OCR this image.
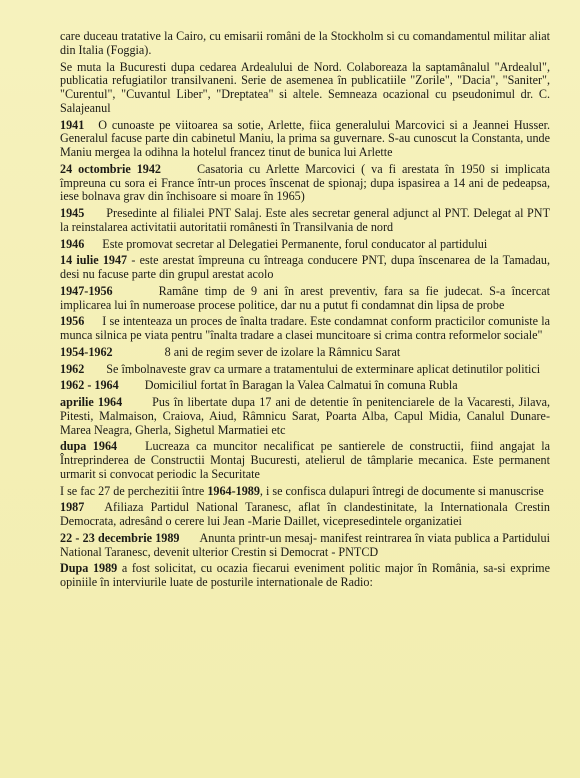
care duceau tratative la Cairo, cu emisarii români de la Stockholm si cu comandamentul militar aliat din Italia (Foggia).

Se muta la Bucuresti dupa cedarea Ardealului de Nord. Colaboreaza la saptamânalul "Ardealul", publicatia refugiatilor transilvaneni. Serie de asemenea în publicatiile "Zorile", "Dacia", "Saniter", "Curentul", "Cuvantul Liber", "Dreptatea" si altele. Semneaza ocazional cu pseudonimul dr. C. Salajeanul

1941 O cunoaste pe viitoarea sa sotie, Arlette, fiica generalului Marcovici si a Jeannei Husser. Generalul facuse parte din cabinetul Maniu, la prima sa guvernare. S-au cunoscut la Constanta, unde Maniu mergea la odihna la hotelul francez tinut de bunica lui Arlette

24 octombrie 1942	Casatoria cu Arlette Marcovici ( va fi arestata în 1950 si implicata împreuna cu sora ei France într-un proces înscenat de spionaj; dupa ispasirea a 14 ani de pedeapsa, iese bolnava grav din închisoare si moare în 1965)

1945 Presedinte al filialei PNT Salaj. Este ales secretar general adjunct al PNT. Delegat al PNT la reinstalarea activitatii autoritatii românesti în Transilvania de nord

1946 Este promovat secretar al Delegatiei Permanente, forul conducator al partidului

14 iulie 1947 - este arestat împreuna cu întreaga conducere PNT, dupa înscenarea de la Tamadau, desi nu facuse parte din grupul arestat acolo

1947-1956	Ramâne timp de 9 ani în arest preventiv, fara sa fie judecat. S-a încercat implicarea lui în numeroase procese politice, dar nu a putut fi condamnat din lipsa de probe

1956 I se intenteaza un proces de înalta tradare. Este condamnat conform practicilor comuniste la munca silnica pe viata pentru "înalta tradare a clasei muncitoare si crima contra reformelor sociale"

1954-1962	8 ani de regim sever de izolare la Râmnicu Sarat

1962 Se îmbolnaveste grav ca urmare a tratamentului de exterminare aplicat detinutilor politici

1962 - 1964 Domiciliul fortat în Baragan la Valea Calmatui în comuna Rubla

aprilie 1964 Pus în libertate dupa 17 ani de detentie în penitenciarele de la Vacaresti, Jilava, Pitesti, Malmaison, Craiova, Aiud, Râmnicu Sarat, Poarta Alba, Capul Midia, Canalul Dunare- Marea Neagra, Gherla, Sighetul Marmatiei etc

dupa 1964 Lucreaza ca muncitor necalificat pe santierele de constructii, fiind angajat la Întreprinderea de Constructii Montaj Bucuresti, atelierul de tâmplarie mecanica. Este permanent urmarit si convocat periodic la Securitate

I se fac 27 de perchezitii între 1964-1989, i se confisca dulapuri întregi de documente si manuscrise

1987 Afiliaza Partidul National Taranesc, aflat în clandestinitate, la Internationala Crestin Democrata, adresând o cerere lui Jean -Marie Daillet, vicepresedintele organizatiei

22 - 23 decembrie 1989 Anunta printr-un mesaj- manifest reintrarea în viata publica a Partidului National Taranesc, devenit ulterior Crestin si Democrat - PNTCD

Dupa 1989 a fost solicitat, cu ocazia fiecarui eveniment politic major în România, sa-si exprime opiniile în interviurile luate de posturile internationale de Radio:
